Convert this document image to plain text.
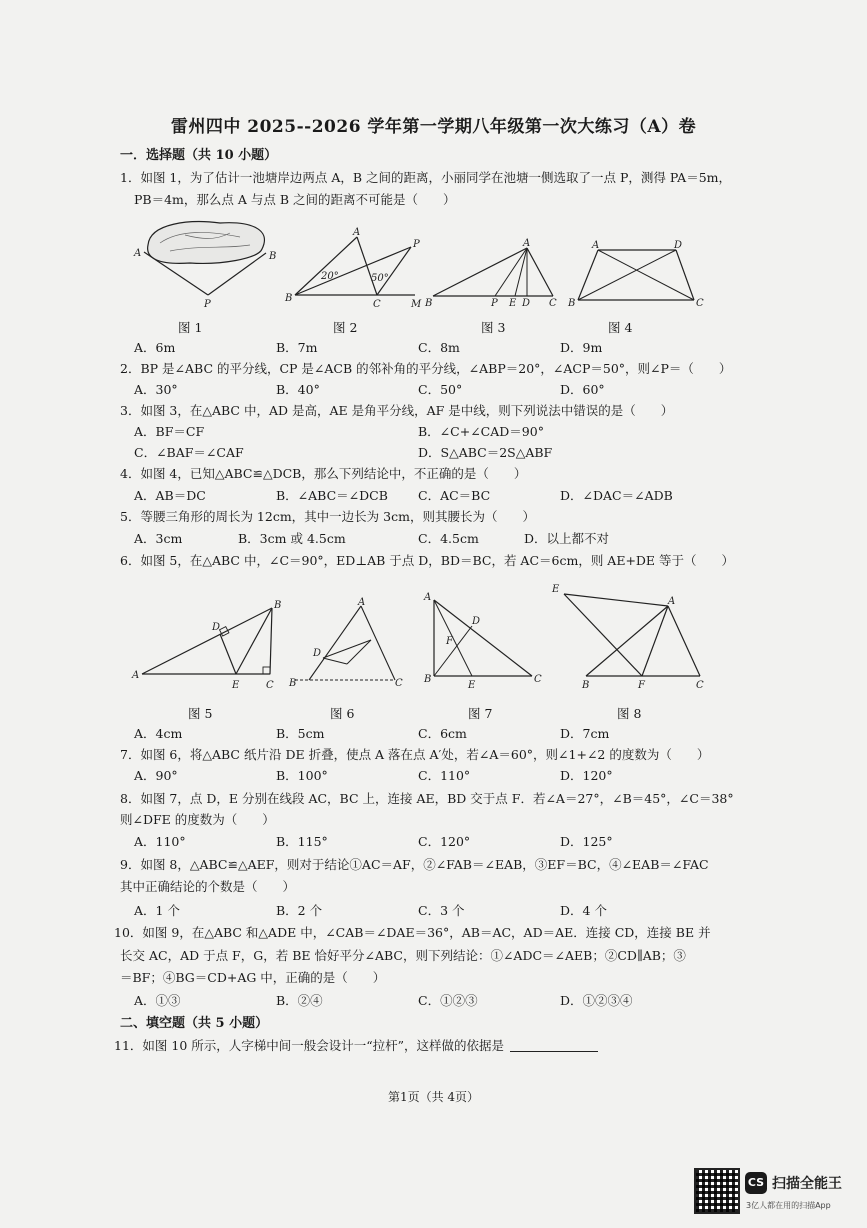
雷州四中 2025--2026 学年第一学期八年级第一次大练习（A）卷
一．选择题（共 10 小题）
1．如图 1，为了估计一池塘岸边两点 A，B 之间的距离，小丽同学在池塘一侧选取了一点 P，测得 PA＝5m，
PB＝4m，那么点 A 与点 B 之间的距离不可能是（　　）
A	B
P
20°	50°
A
P
B
C	M
A
B	P E D C
A	D
B	C
图 1	图 2	图 3	图 4
A．6m	B．7m	C．8m	D．9m
2．BP 是∠ABC 的平分线，CP 是∠ACB 的邻补角的平分线，∠ABP＝20°，∠ACP＝50°，则∠P＝（　　）
A．30°	B．40°	C．50°	D．60°
3．如图 3，在△ABC 中，AD 是高，AE 是角平分线，AF 是中线，则下列说法中错误的是（　　）
A．BF＝CF	B．∠C+∠CAD＝90°
C．∠BAF＝∠CAF	D．S△ABC＝2S△ABF
4．如图 4，已知△ABC≌△DCB，那么下列结论中，不正确的是（　　）
A．AB＝DC	B．∠ABC＝∠DCB C．AC＝BC	D．∠DAC＝∠ADB
5．等腰三角形的周长为 12cm，其中一边长为 3cm，则其腰长为（　　）
A．3cm	B．3cm 或 4.5cm	C．4.5cm	D．以上都不对
6．如图 5，在△ABC 中，∠C＝90°，ED⊥AB 于点 D，BD＝BC，若 AC＝6cm，则 AE+DE 等于（　　）
A
B
D
E	C
A
D
B	C
A
D
F
B
E
C
E
A
B	F	C
图 5	图 6	图 7	图 8
A．4cm	B．5cm	C．6cm	D．7cm
7．如图 6，将△ABC 纸片沿 DE 折叠，使点 A 落在点 A′处，若∠A＝60°，则∠1+∠2 的度数为（　　）
A．90°	B．100°	C．110°	D．120°
8．如图 7，点 D，E 分别在线段 AC，BC 上，连接 AE，BD 交于点 F．若∠A＝27°，∠B＝45°，∠C＝38°
则∠DFE 的度数为（　　）
A．110°	B．115°	C．120°	D．125°
9．如图 8，△ABC≌△AEF，则对于结论①AC＝AF，②∠FAB＝∠EAB，③EF＝BC，④∠EAB＝∠FAC
其中正确结论的个数是（　　）
A．1 个	B．2 个	C．3 个	D．4 个
10．如图 9，在△ABC 和△ADE 中，∠CAB＝∠DAE＝36°，AB＝AC，AD＝AE．连接 CD，连接 BE 并
长交 AC，AD 于点 F，G，若 BE 恰好平分∠ABC，则下列结论：①∠ADC＝∠AEB；②CD∥AB；③
＝BF；④BG＝CD+AG 中，正确的是（　　）
A．①③	B．②④	C．①②③	D．①②③④
二、填空题（共 5 小题）
11．如图 10 所示，人字梯中间一般会设计一“拉杆”，这样做的依据是
第1页（共 4页）
CS 扫描全能王
3亿人都在用的扫描App
